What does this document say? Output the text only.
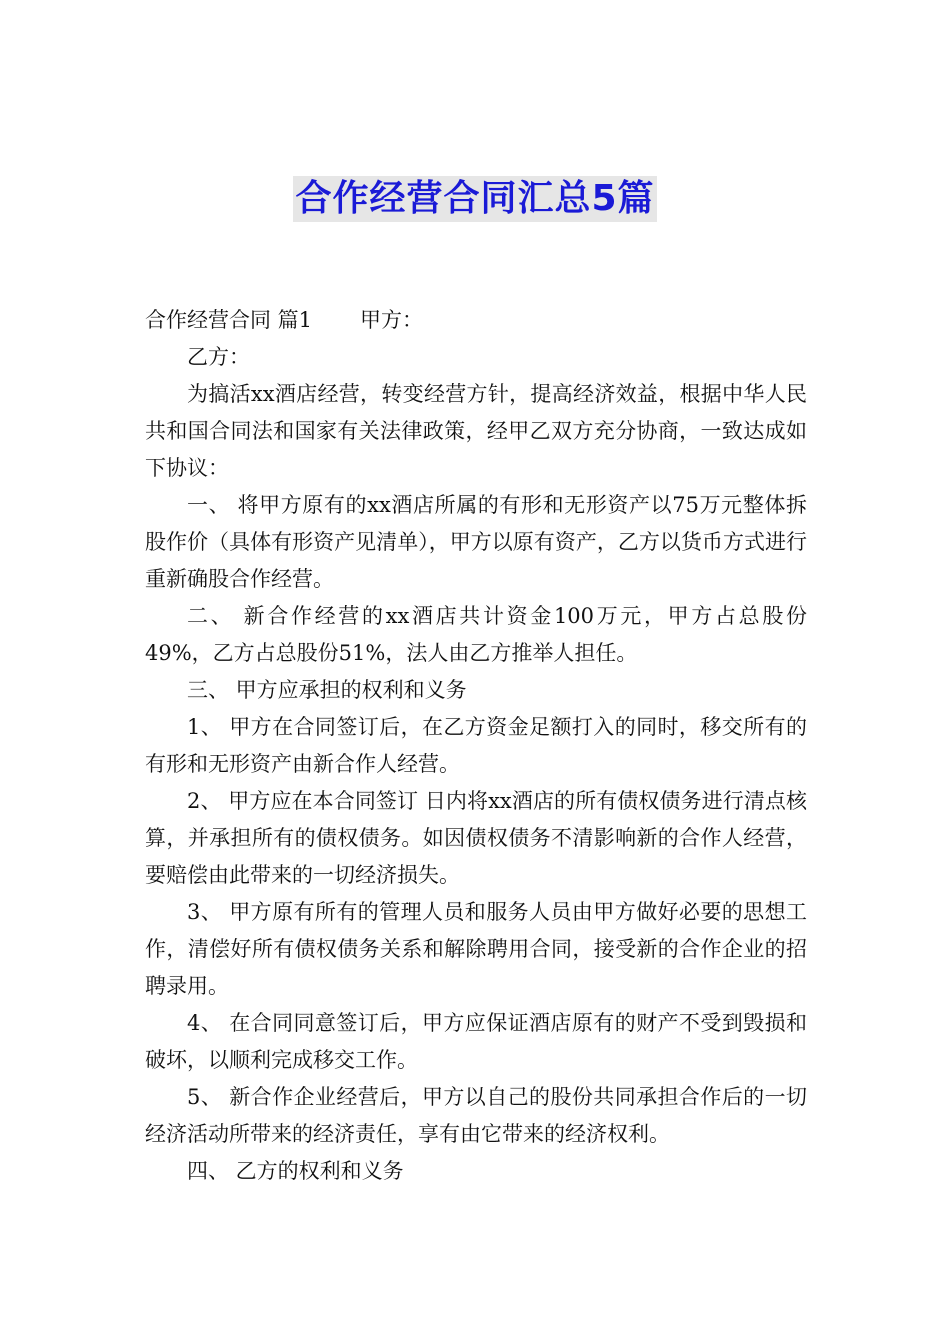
合作经营合同汇总5篇

合作经营合同 篇1 甲方：

乙方：

为搞活xx酒店经营，转变经营方针，提高经济效益，根据中华人民共和国合同法和国家有关法律政策，经甲乙双方充分协商，一致达成如下协议：

一、 将甲方原有的xx酒店所属的有形和无形资产以75万元整体拆股作价（具体有形资产见清单），甲方以原有资产，乙方以货币方式进行重新确股合作经营。

二、 新合作经营的xx酒店共计资金100万元，甲方占总股份49%，乙方占总股份51%，法人由乙方推举人担任。

三、 甲方应承担的权利和义务

1、 甲方在合同签订后，在乙方资金足额打入的同时，移交所有的有形和无形资产由新合作人经营。

2、 甲方应在本合同签订 日内将xx酒店的所有债权债务进行清点核算，并承担所有的债权债务。如因债权债务不清影响新的合作人经营，要赔偿由此带来的一切经济损失。

3、 甲方原有所有的管理人员和服务人员由甲方做好必要的思想工作，清偿好所有债权债务关系和解除聘用合同，接受新的合作企业的招聘录用。

4、 在合同同意签订后，甲方应保证酒店原有的财产不受到毁损和破坏，以顺利完成移交工作。

5、 新合作企业经营后，甲方以自己的股份共同承担合作后的一切经济活动所带来的经济责任，享有由它带来的经济权利。

四、 乙方的权利和义务
